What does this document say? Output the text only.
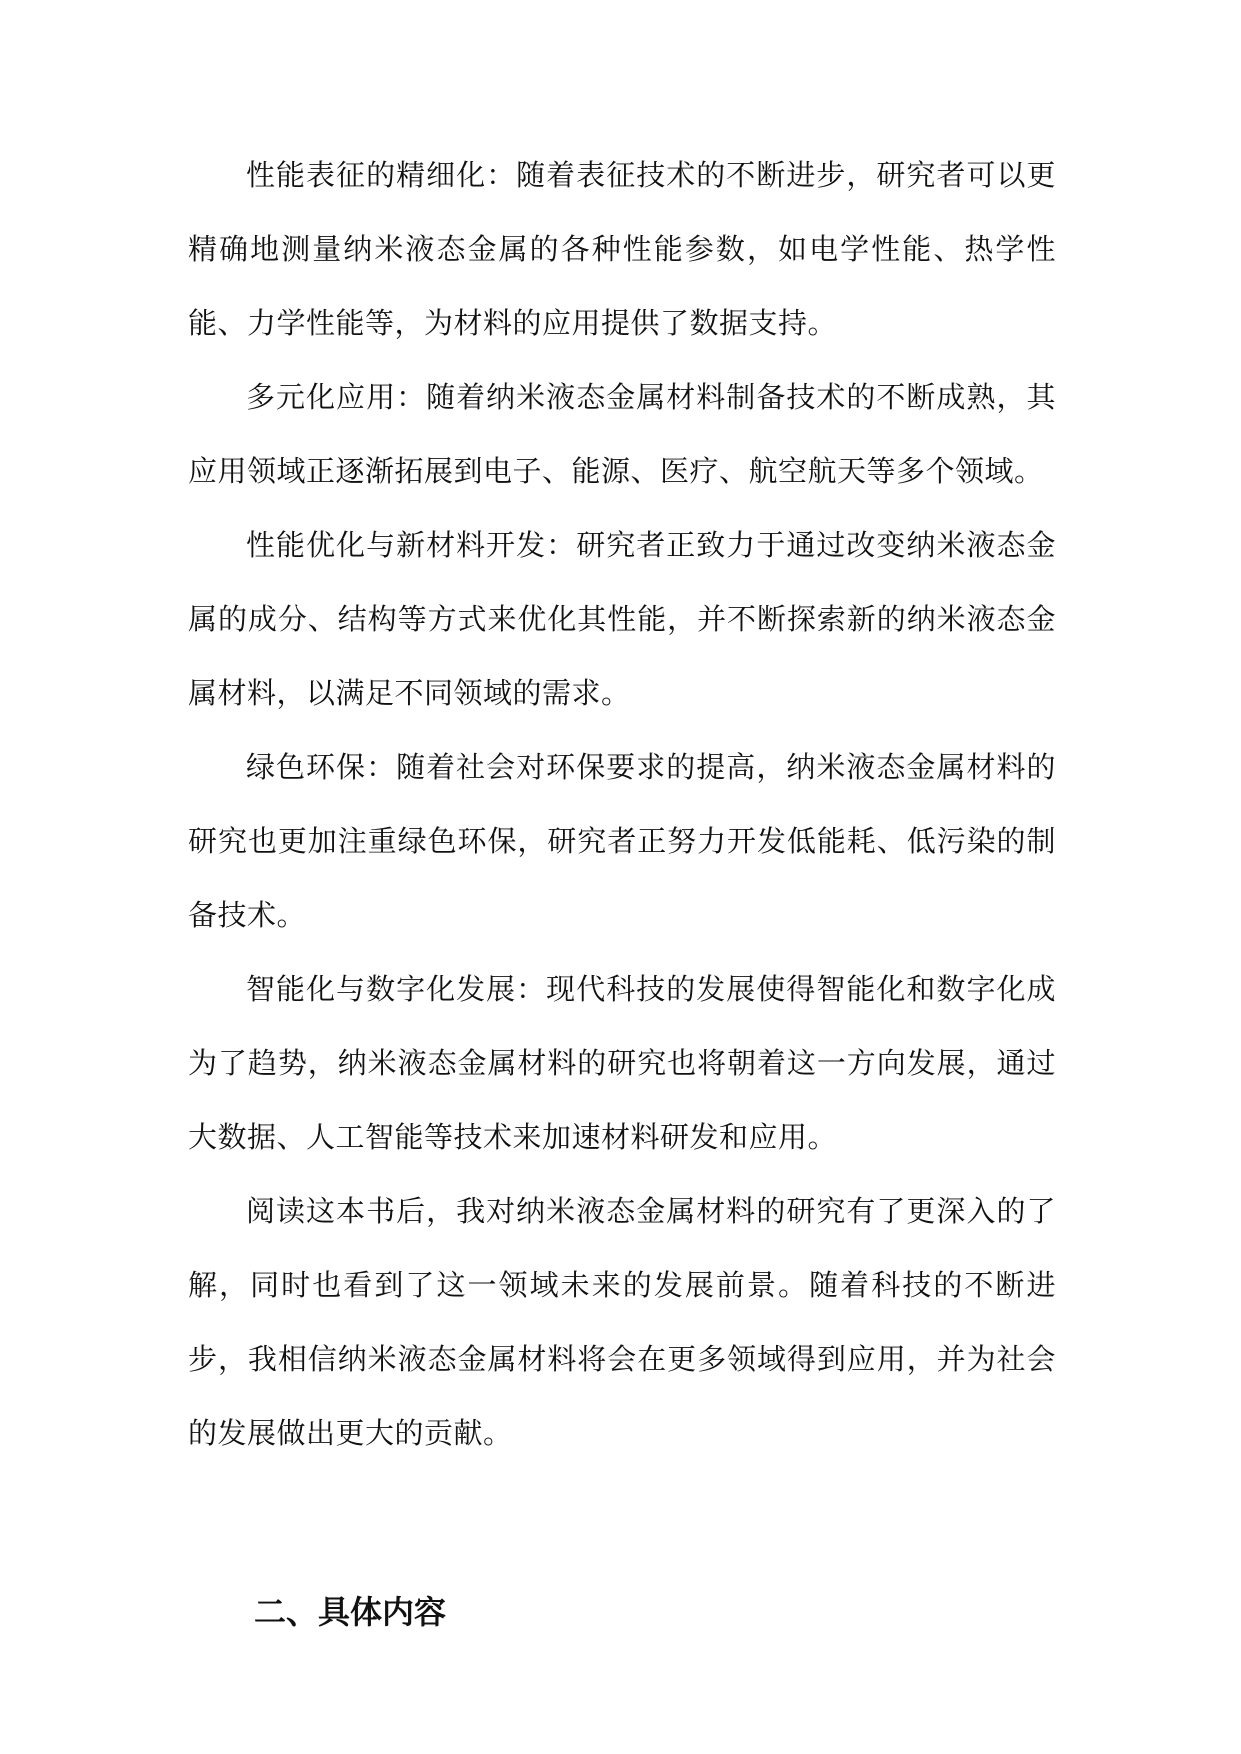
性能表征的精细化：随着表征技术的不断进步，研究者可以更精确地测量纳米液态金属的各种性能参数，如电学性能、热学性能、力学性能等，为材料的应用提供了数据支持。

多元化应用：随着纳米液态金属材料制备技术的不断成熟，其应用领域正逐渐拓展到电子、能源、医疗、航空航天等多个领域。

性能优化与新材料开发：研究者正致力于通过改变纳米液态金属的成分、结构等方式来优化其性能，并不断探索新的纳米液态金属材料，以满足不同领域的需求。

绿色环保：随着社会对环保要求的提高，纳米液态金属材料的研究也更加注重绿色环保，研究者正努力开发低能耗、低污染的制备技术。

智能化与数字化发展：现代科技的发展使得智能化和数字化成为了趋势，纳米液态金属材料的研究也将朝着这一方向发展，通过大数据、人工智能等技术来加速材料研发和应用。

阅读这本书后，我对纳米液态金属材料的研究有了更深入的了解，同时也看到了这一领域未来的发展前景。随着科技的不断进步，我相信纳米液态金属材料将会在更多领域得到应用，并为社会的发展做出更大的贡献。

二、具体内容
